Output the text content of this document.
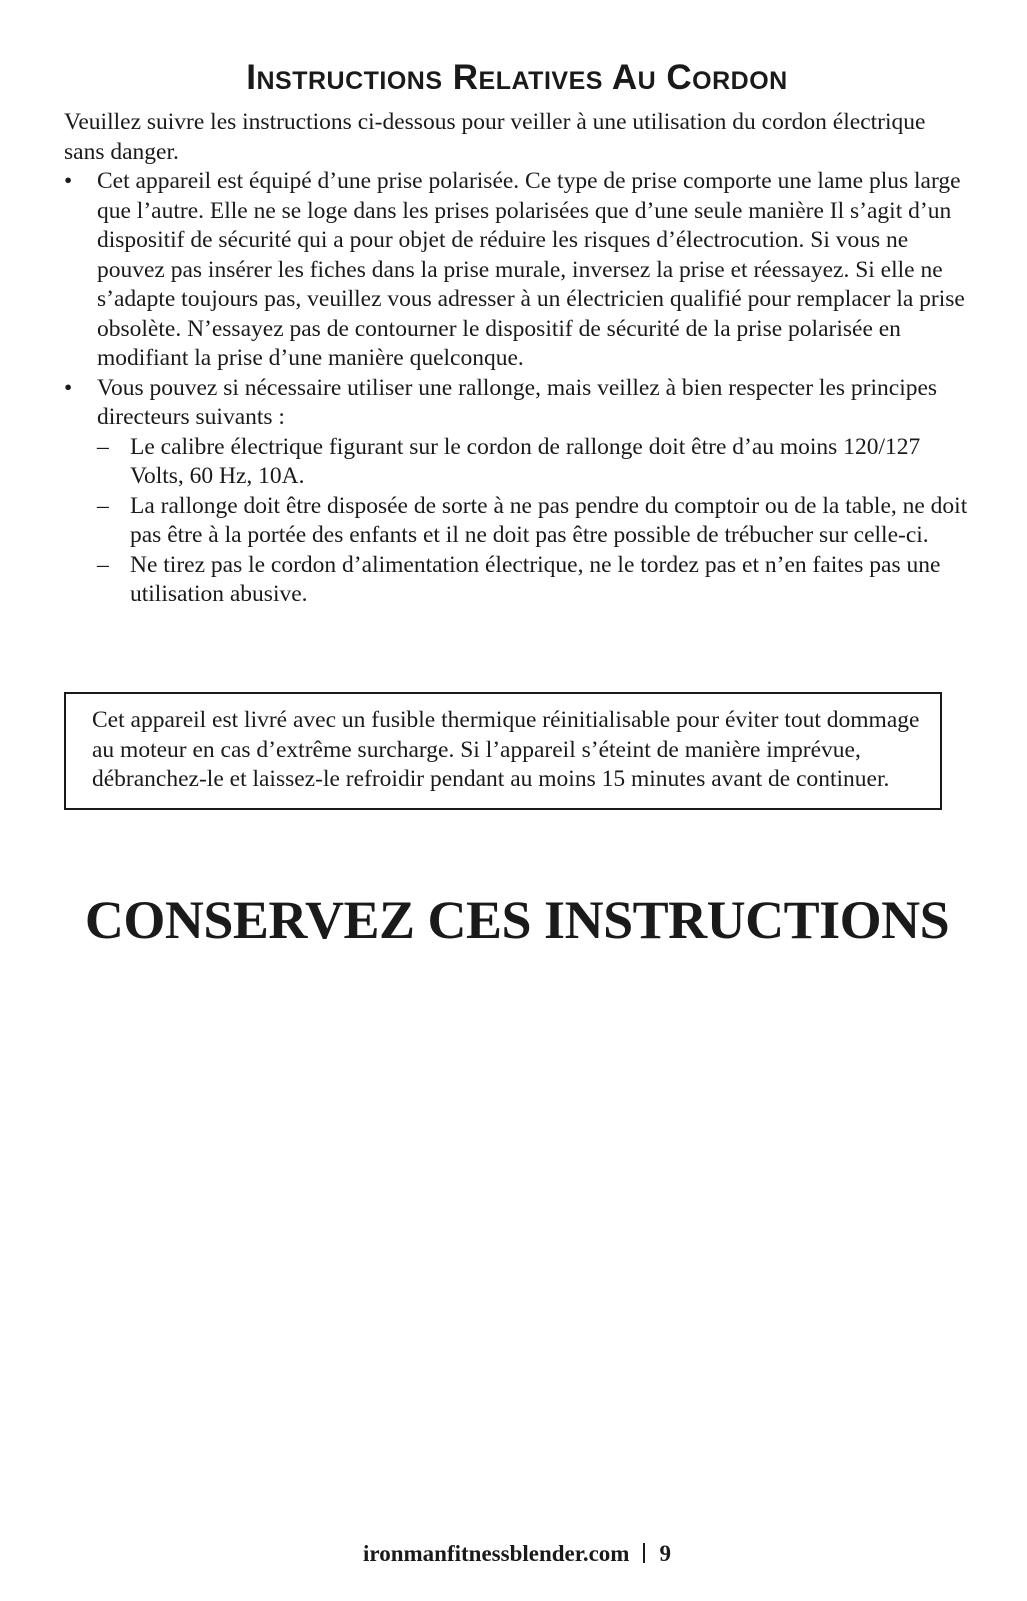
Instructions Relatives Au Cordon

Veuillez suivre les instructions ci-dessous pour veiller à une utilisation du cordon électrique sans danger.

•	Cet appareil est équipé d’une prise polarisée. Ce type de prise comporte une lame plus large que l’autre. Elle ne se loge dans les prises polarisées que d’une seule manière Il s’agit d’un dispositif de sécurité qui a pour objet de réduire les risques d’électrocution. Si vous ne pouvez pas insérer les fiches dans la prise murale, inversez la prise et réessayez. Si elle ne s’adapte toujours pas, veuillez vous adresser à un électricien qualifié pour remplacer la prise obsolète. N’essayez pas de contourner le dispositif de sécurité de la prise polarisée en modifiant la prise d’une manière quelconque.
•	Vous pouvez si nécessaire utiliser une rallonge, mais veillez à bien respecter les principes directeurs suivants :
– Le calibre électrique figurant sur le cordon de rallonge doit être d’au moins 120/127 Volts, 60 Hz, 10A.
– La rallonge doit être disposée de sorte à ne pas pendre du comptoir ou de la table, ne doit pas être à la portée des enfants et il ne doit pas être possible de trébucher sur celle-ci.
– Ne tirez pas le cordon d’alimentation électrique, ne le tordez pas et n’en faites pas une utilisation abusive.

Cet appareil est livré avec un fusible thermique réinitialisable pour éviter tout dommage au moteur en cas d’extrême surcharge. Si l’appareil s’éteint de manière imprévue, débranchez-le et laissez-le refroidir pendant au moins 15 minutes avant de continuer.

CONSERVEZ CES INSTRUCTIONS
ironmanfitnessblender.com 9
